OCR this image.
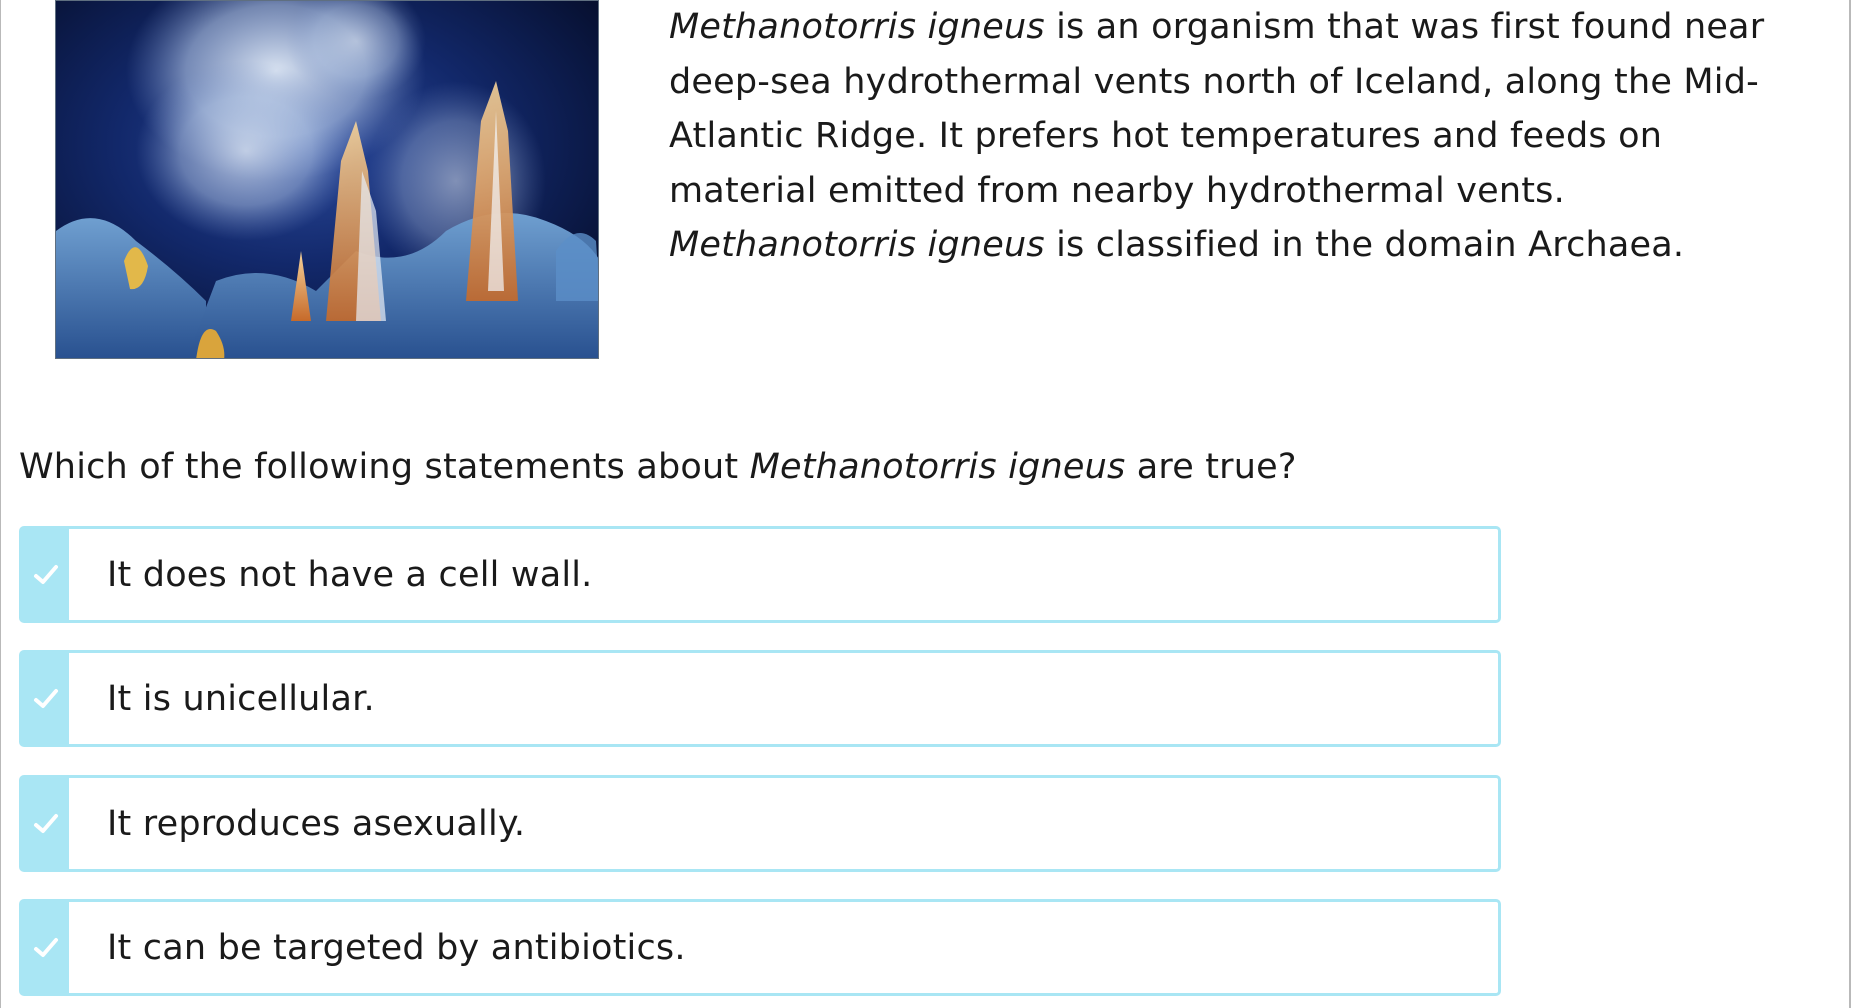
Methanotorris igneus is an organism that was first found near deep-sea hydrothermal vents north of Iceland, along the Mid-Atlantic Ridge. It prefers hot temperatures and feeds on material emitted from nearby hydrothermal vents.
Methanotorris igneus is classified in the domain Archaea.

Which of the following statements about Methanotorris igneus are true?
It does not have a cell wall.
It is unicellular.
It reproduces asexually.
It can be targeted by antibiotics.
